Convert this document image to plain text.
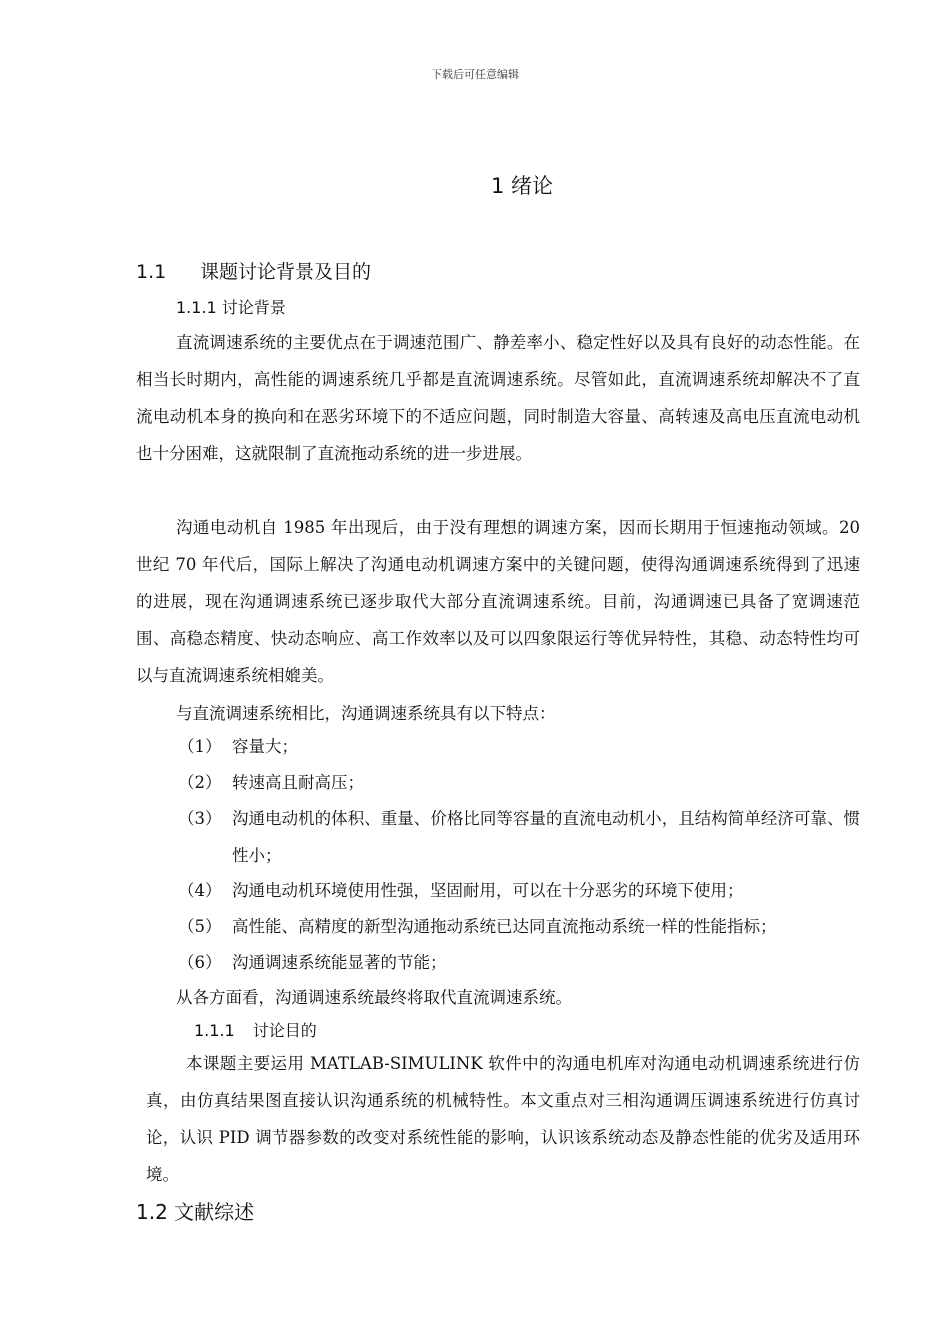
下载后可任意编辑
1 绪论
1.1 课题讨论背景及目的
1.1.1 讨论背景
直流调速系统的主要优点在于调速范围广、静差率小、稳定性好以及具有良好的动态性能。在相当长时期内，高性能的调速系统几乎都是直流调速系统。尽管如此，直流调速系统却解决不了直流电动机本身的换向和在恶劣环境下的不适应问题，同时制造大容量、高转速及高电压直流电动机也十分困难，这就限制了直流拖动系统的进一步进展。
沟通电动机自 1985 年出现后，由于没有理想的调速方案，因而长期用于恒速拖动领域。20 世纪 70 年代后，国际上解决了沟通电动机调速方案中的关键问题，使得沟通调速系统得到了迅速的进展，现在沟通调速系统已逐步取代大部分直流调速系统。目前，沟通调速已具备了宽调速范围、高稳态精度、快动态响应、高工作效率以及可以四象限运行等优异特性，其稳、动态特性均可以与直流调速系统相媲美。
与直流调速系统相比，沟通调速系统具有以下特点：
（1） 容量大；
（2） 转速高且耐高压；
（3） 沟通电动机的体积、重量、价格比同等容量的直流电动机小，且结构简单经济可靠、惯性小；
（4） 沟通电动机环境使用性强，坚固耐用，可以在十分恶劣的环境下使用；
（5） 高性能、高精度的新型沟通拖动系统已达同直流拖动系统一样的性能指标；
（6） 沟通调速系统能显著的节能；
从各方面看，沟通调速系统最终将取代直流调速系统。
1.1.1 讨论目的
本课题主要运用 MATLAB-SIMULINK 软件中的沟通电机库对沟通电动机调速系统进行仿真，由仿真结果图直接认识沟通系统的机械特性。本文重点对三相沟通调压调速系统进行仿真讨论，认识 PID 调节器参数的改变对系统性能的影响，认识该系统动态及静态性能的优劣及适用环境。
1.2 文献综述
